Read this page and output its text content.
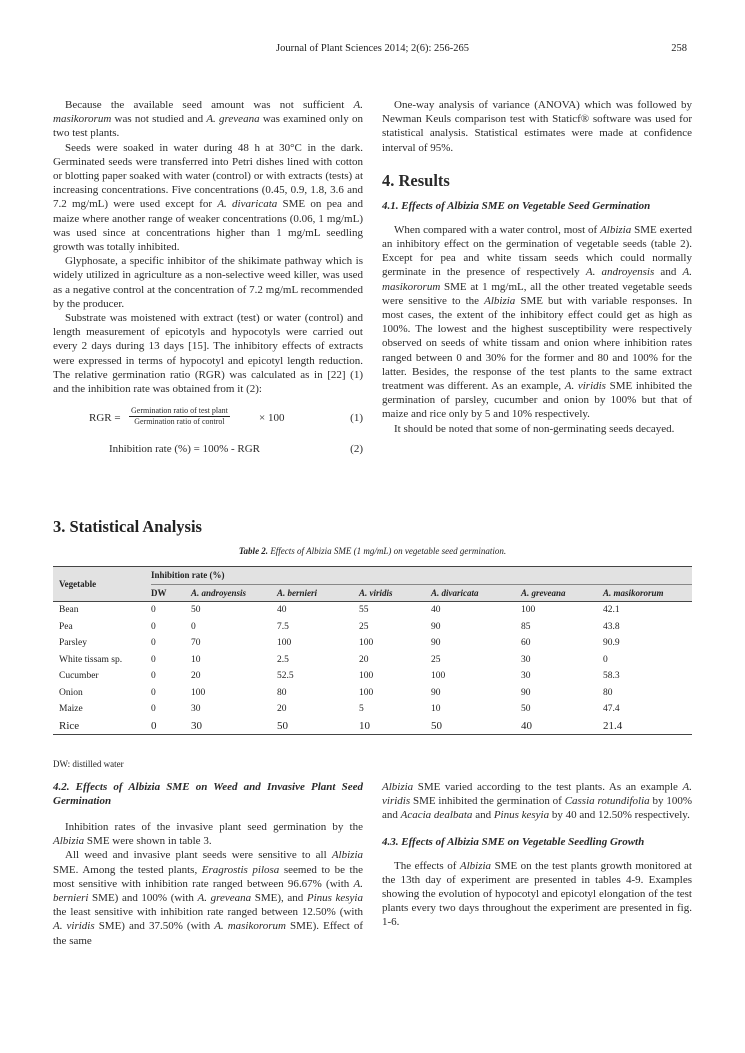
Journal of Plant Sciences 2014; 2(6): 256-265	258

Because the available seed amount was not sufficient A. masikororum was not studied and A. greveana was examined only on two test plants.

Seeds were soaked in water during 48 h at 30°C in the dark. Germinated seeds were transferred into Petri dishes lined with cotton or blotting paper soaked with water (control) or with extracts (tests) at increasing concentrations. Five concentrations (0.45, 0.9, 1.8, 3.6 and 7.2 mg/mL) were used except for A. divaricata SME on pea and maize where another range of weaker concentrations (0.06, 1 mg/mL) was used since at concentrations higher than 1 mg/mL seedling growth was totally inhibited.

Glyphosate, a specific inhibitor of the shikimate pathway which is widely utilized in agriculture as a non-selective weed killer, was used as a negative control at the concentration of 7.2 mg/mL recommended by the producer.

Substrate was moistened with extract (test) or water (control) and length measurement of epicotyls and hypocotyls were carried out every 2 days during 13 days [15]. The inhibitory effects of extracts were expressed in terms of hypocotyl and epicotyl length reduction. The relative germination ratio (RGR) was calculated as in [22] (1) and the inhibition rate was obtained from it (2):

RGR =
Germination ratio of test plant
Germination ratio of control	× 100	(1)
Inhibition rate (%) = 100% - RGR	(2)
3. Statistical Analysis

One-way analysis of variance (ANOVA) which was followed by Newman Keuls comparison test with Staticf® software was used for statistical analysis. Statistical estimates were made at confidence interval of 95%.

4. Results
4.1. Effects of Albizia SME on Vegetable Seed Germination

When compared with a water control, most of Albizia SME exerted an inhibitory effect on the germination of vegetable seeds (table 2). Except for pea and white tissam seeds which could normally germinate in the presence of respectively A. androyensis and A. masikororum SME at 1 mg/mL, all the other treated vegetable seeds were sensitive to the Albizia SME but with variable responses. In most cases, the extent of the inhibitory effect could get as high as 100%. The lowest and the highest susceptibility were respectively observed on seeds of white tissam and onion where inhibition rates ranged between 0 and 30% for the former and 80 and 100% for the latter. Besides, the response of the test plants to the same extract treatment was different. As an example, A. viridis SME inhibited the germination of parsley, cucumber and onion by 100% but that of maize and rice only by 5 and 10% respectively.

It should be noted that some of non-germinating seeds decayed.

Table 2. Effects of Albizia SME (1 mg/mL) on vegetable seed germination.
Vegetable	Inhibition rate (%)						
	DW	A. androyensis	A. bernieri	A. viridis	A. divaricata	A. greveana	A. masikororum
Bean	0	50	40	55	40	100	42.1
Pea	0	0	7.5	25	90	85	43.8
Parsley	0	70	100	100	90	60	90.9
White tissam sp.	0	10	2.5	20	25	30	0
Cucumber	0	20	52.5	100	100	30	58.3
Onion	0	100	80	100	90	90	80
Maize	0	30	20	5	10	50	47.4
Rice	0	30	50	10	50	40	21.4
DW: distilled water
4.2. Effects of Albizia SME on Weed and Invasive Plant Seed Germination

Inhibition rates of the invasive plant seed germination by the Albizia SME were shown in table 3.

All weed and invasive plant seeds were sensitive to all Albizia SME. Among the tested plants, Eragrostis pilosa seemed to be the most sensitive with inhibition rate ranged between 96.67% (with A. bernieri SME) and 100% (with A. greveana SME), and Pinus kesyia the least sensitive with inhibition rate ranged between 12.50% (with A. viridis SME) and 37.50% (with A. masikororum SME). Effect of the same

Albizia SME varied according to the test plants. As an example A. viridis SME inhibited the germination of Cassia rotundifolia by 100% and Acacia dealbata and Pinus kesyia by 40 and 12.50% respectively.

4.3. Effects of Albizia SME on Vegetable Seedling Growth

The effects of Albizia SME on the test plants growth monitored at the 13th day of experiment are presented in tables 4-9. Examples showing the evolution of hypocotyl and epicotyl elongation of the test plants every two days throughout the experiment are presented in fig. 1-6.
